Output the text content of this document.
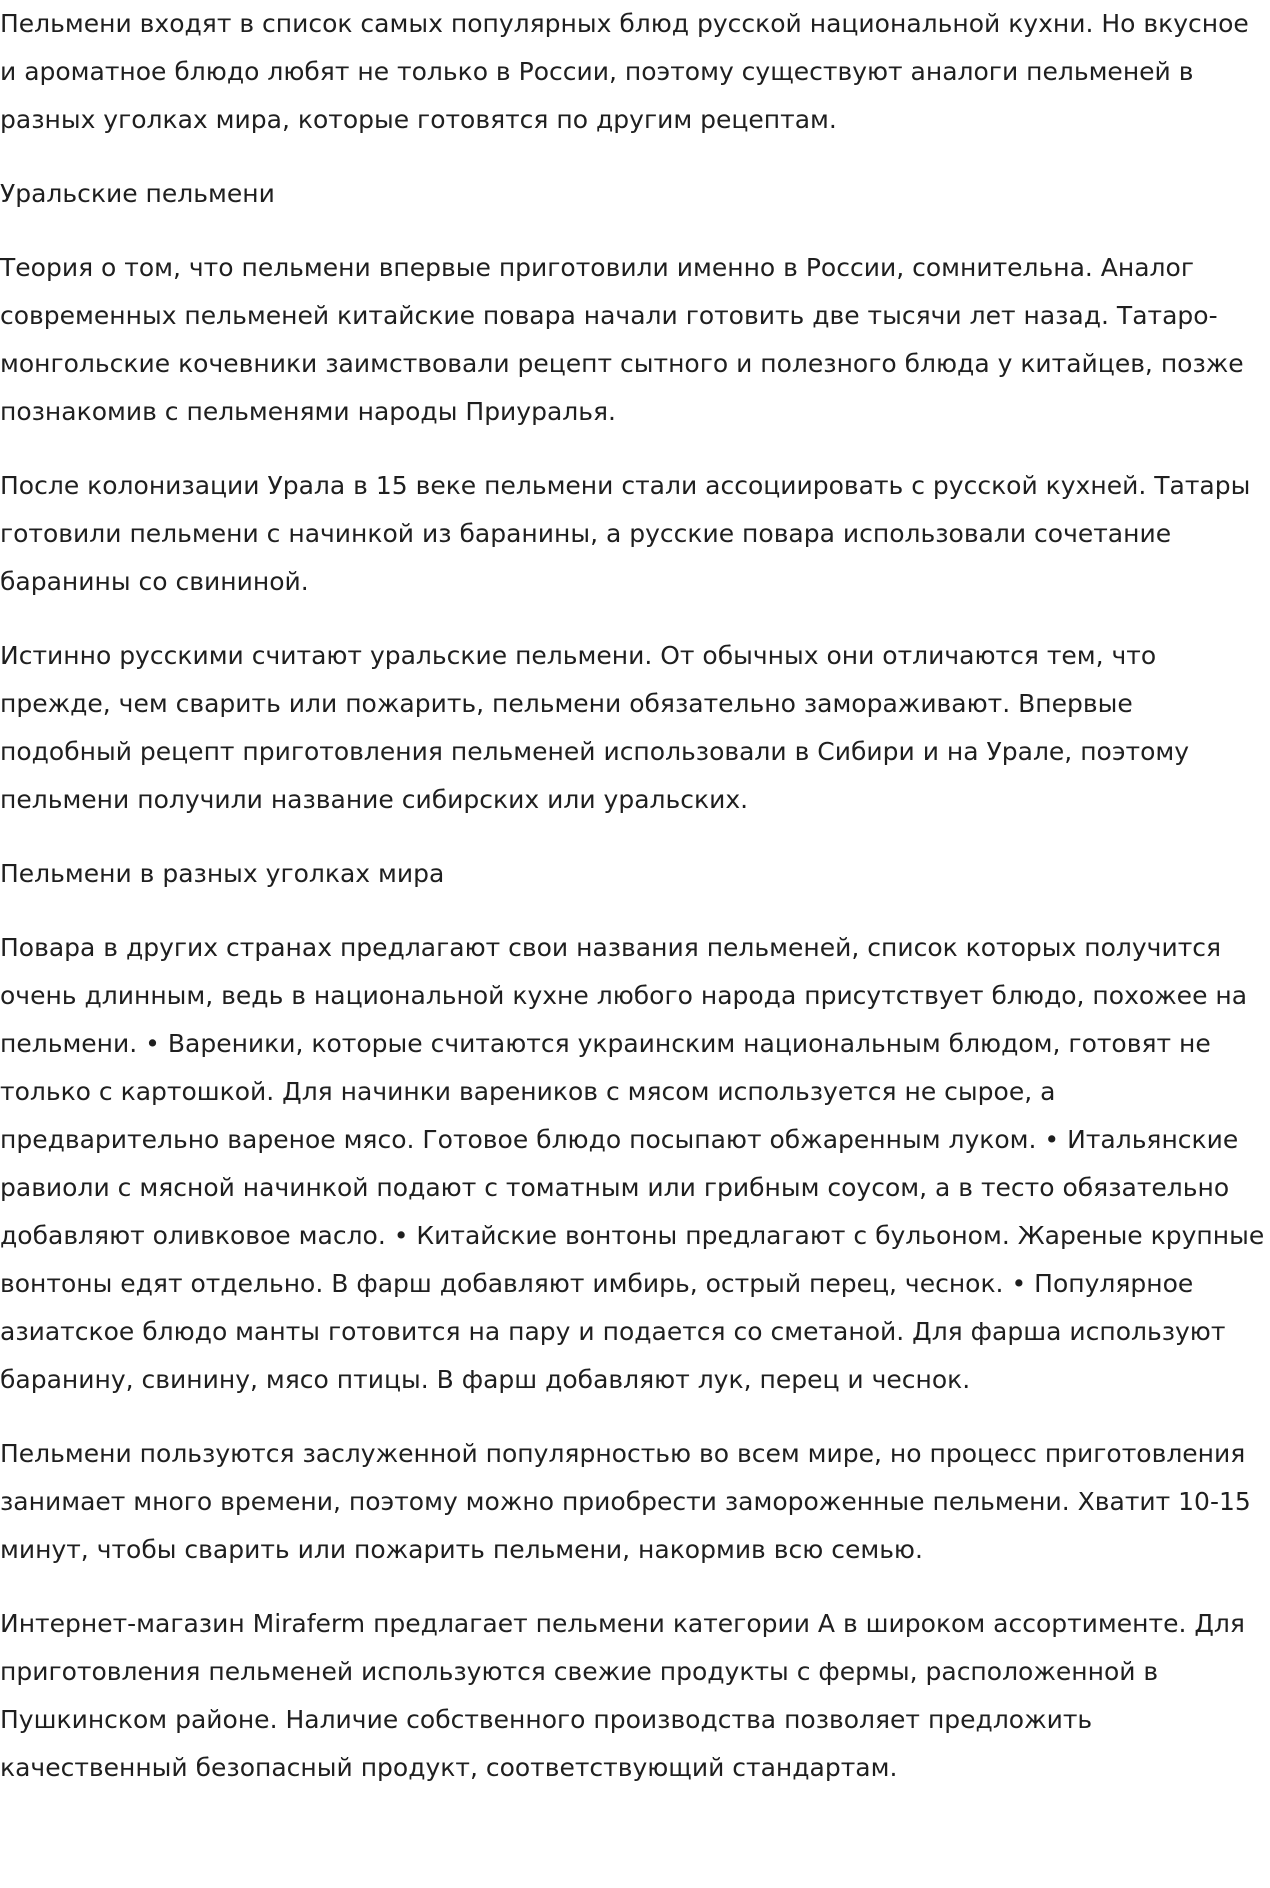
Пельмени входят в список самых популярных блюд русской национальной кухни. Но вкусное и ароматное блюдо любят не только в России, поэтому существуют аналоги пельменей в разных уголках мира, которые готовятся по другим рецептам.

Уральские пельмени

Теория о том, что пельмени впервые приготовили именно в России, сомнительна. Аналог современных пельменей китайские повара начали готовить две тысячи лет назад. Татаро-монгольские кочевники заимствовали рецепт сытного и полезного блюда у китайцев, позже познакомив с пельменями народы Приуралья.

После колонизации Урала в 15 веке пельмени стали ассоциировать с русской кухней. Татары готовили пельмени с начинкой из баранины, а русские повара использовали сочетание баранины со свининой.

Истинно русскими считают уральские пельмени. От обычных они отличаются тем, что прежде, чем сварить или пожарить, пельмени обязательно замораживают. Впервые подобный рецепт приготовления пельменей использовали в Сибири и на Урале, поэтому пельмени получили название сибирских или уральских.

Пельмени в разных уголках мира

Повара в других странах предлагают свои названия пельменей, список которых получится очень длинным, ведь в национальной кухне любого народа присутствует блюдо, похожее на пельмени. • Вареники, которые считаются украинским национальным блюдом, готовят не только с картошкой. Для начинки вареников с мясом используется не сырое, а предварительно вареное мясо. Готовое блюдо посыпают обжаренным луком. • Итальянские равиоли с мясной начинкой подают с томатным или грибным соусом, а в тесто обязательно добавляют оливковое масло. • Китайские вонтоны предлагают с бульоном. Жареные крупные вонтоны едят отдельно. В фарш добавляют имбирь, острый перец, чеснок. • Популярное азиатское блюдо манты готовится на пару и подается со сметаной. Для фарша используют баранину, свинину, мясо птицы. В фарш добавляют лук, перец и чеснок.

Пельмени пользуются заслуженной популярностью во всем мире, но процесс приготовления занимает много времени, поэтому можно приобрести замороженные пельмени. Хватит 10-15 минут, чтобы сварить или пожарить пельмени, накормив всю семью.

Интернет-магазин Miraferm предлагает пельмени категории А в широком ассортименте. Для приготовления пельменей используются свежие продукты с фермы, расположенной в Пушкинском районе. Наличие собственного производства позволяет предложить качественный безопасный продукт, соответствующий стандартам.
